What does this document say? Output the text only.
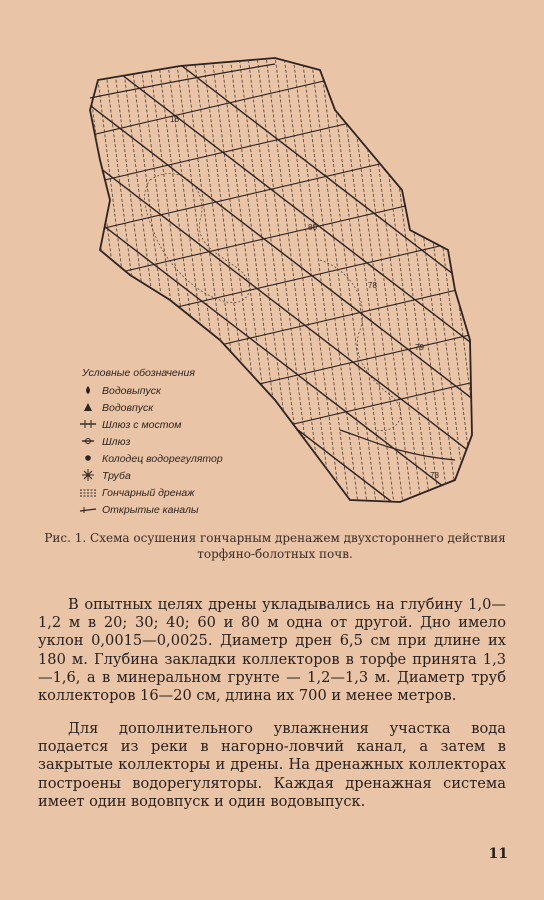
16
80
78
79
78
Условные обозначения
Водовыпуск
Водовпуск
Шлюз с мостом
Шлюз
Колодец водорегулятор
Труба
Гончарный дренаж
Открытые каналы
Рис. 1. Схема осушения гончарным дренажем двухстороннего действия торфяно-болотных почв.

В опытных целях дрены укладывались на глубину 1,0—1,2 м в 20; 30; 40; 60 и 80 м одна от другой. Дно имело уклон 0,0015—0,0025. Диаметр дрен 6,5 см при длине их 180 м. Глубина закладки коллекторов в торфе принята 1,3—1,6, а в минеральном грунте — 1,2—1,3 м. Диаметр труб коллекторов 16—20 см, длина их 700 и менее метров.

Для дополнительного увлажнения участка вода подается из реки в нагорно-ловчий канал, а затем в закрытые коллекторы и дрены. На дренажных коллекторах построены водорегуляторы. Каждая дренажная система имеет один водовпуск и один водовыпуск.

11
